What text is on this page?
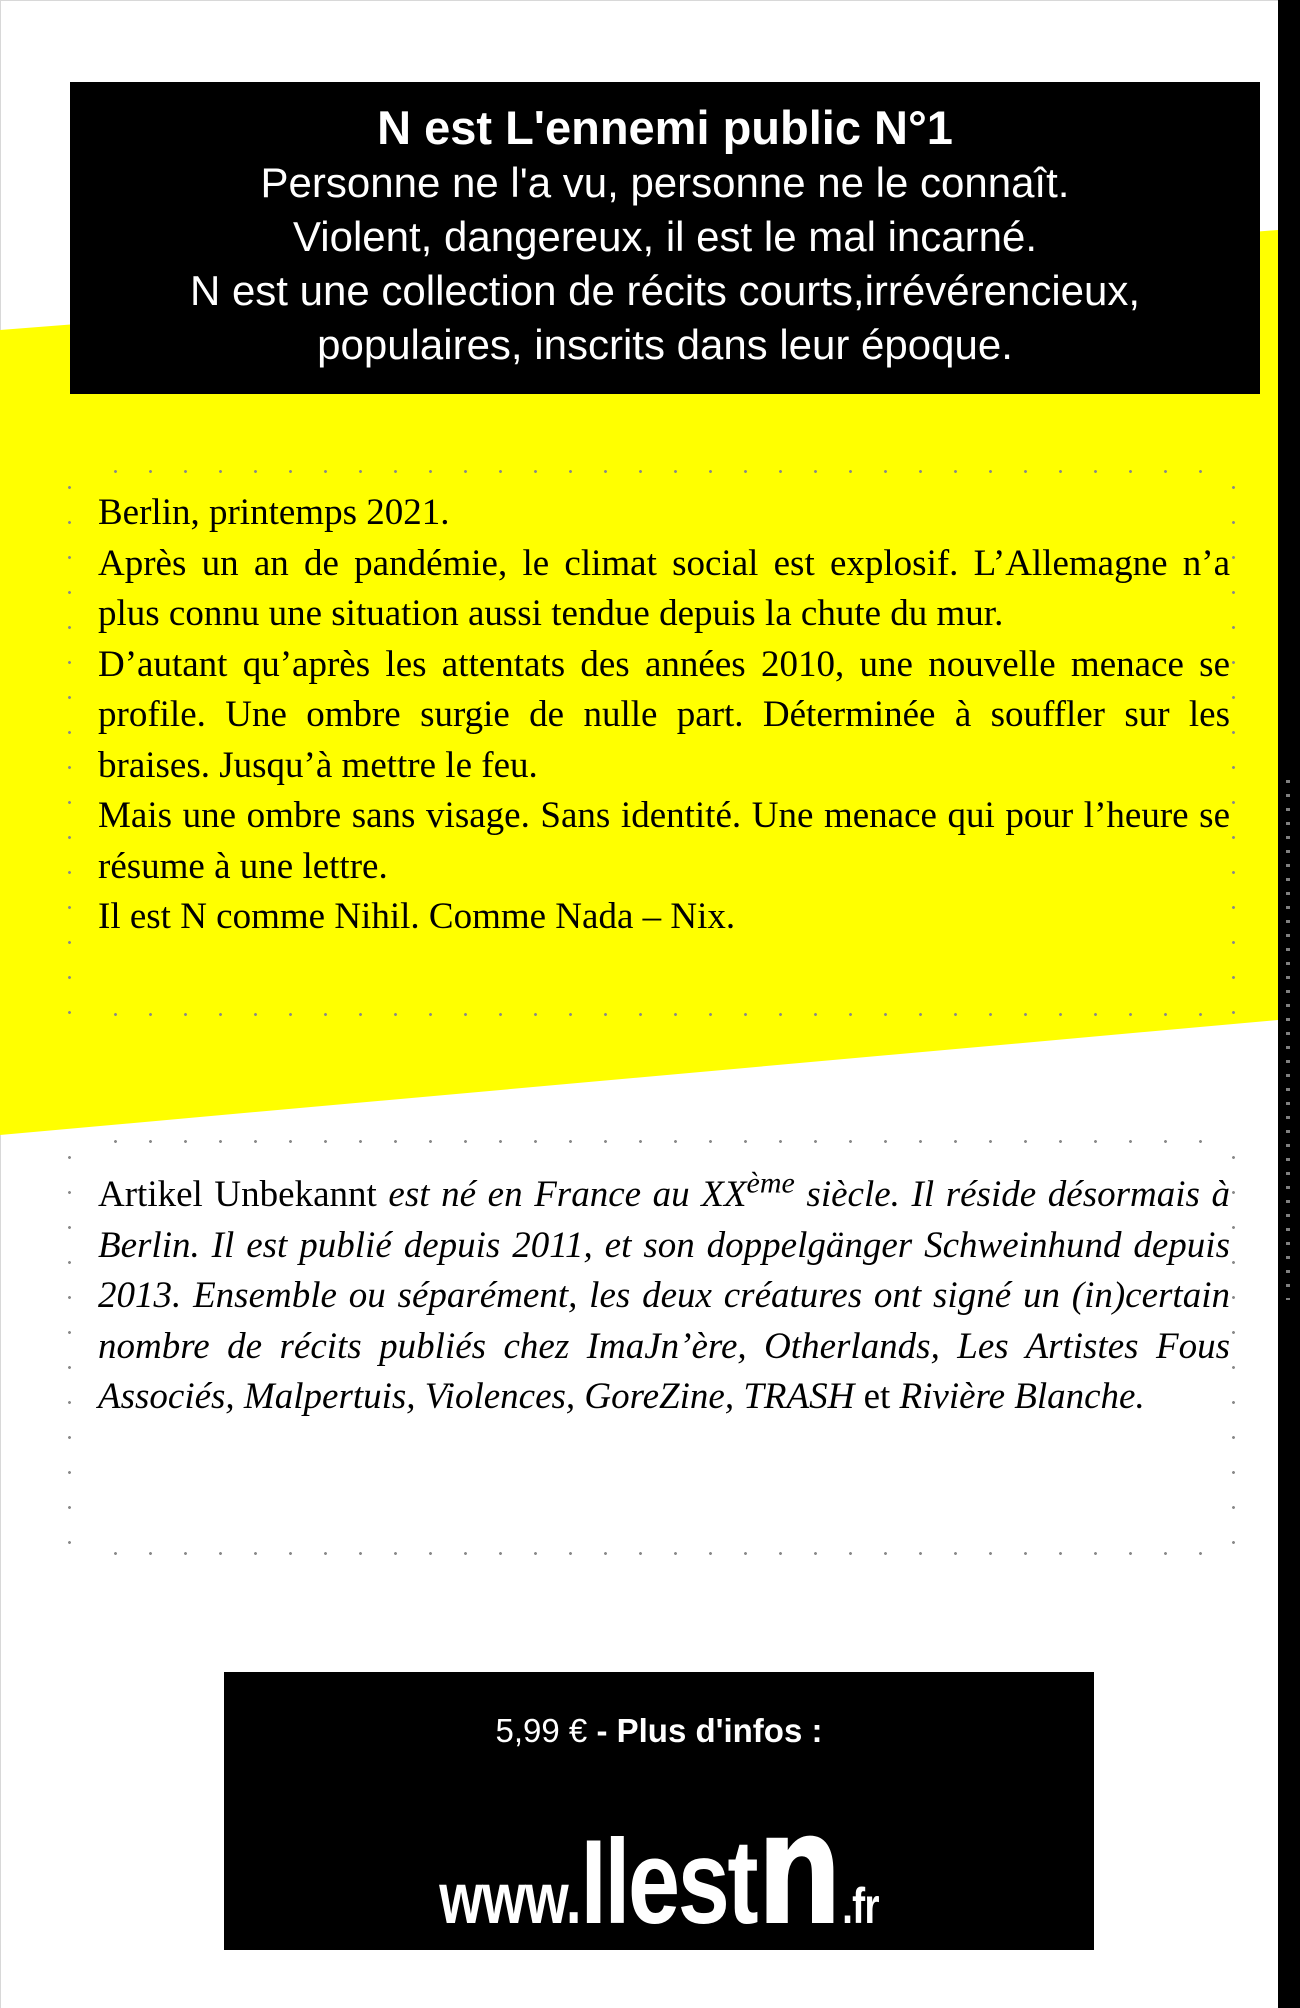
N est L'ennemi public N°1
Personne ne l'a vu, personne ne le connaît.
Violent, dangereux, il est le mal incarné.
N est une collection de récits courts,irrévérencieux,
populaires, inscrits dans leur époque.

Berlin, printemps 2021.

Après un an de pandémie, le climat social est explosif. L’Allemagne n’a plus connu une situation aussi tendue depuis la chute du mur.

D’autant qu’après les attentats des années 2010, une nouvelle menace se profile. Une ombre surgie de nulle part. Déterminée à souffler sur les braises. Jusqu’à mettre le feu.

Mais une ombre sans visage. Sans identité. Une menace qui pour l’heure se résume à une lettre.

Il est N comme Nihil. Comme Nada – Nix.

Artikel Unbekannt est né en France au XXème siècle. Il réside désormais à Berlin. Il est publié depuis 2011, et son doppelgänger Schweinhund depuis 2013. Ensemble ou séparément, les deux créatures ont signé un (in)certain nombre de récits publiés chez ImaJn’ère, Otherlands, Les Artistes Fous Associés, Malpertuis, Violences, GoreZine, TRASH et Rivière Blanche.
5,99 € - Plus d'infos :
www.Ilestn.fr
